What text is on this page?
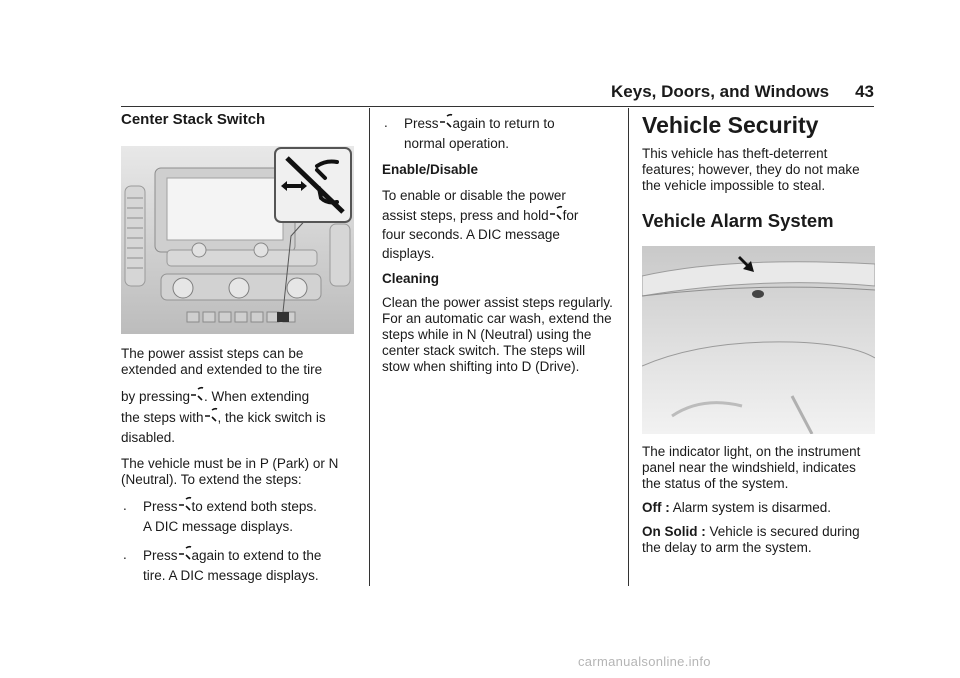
Keys, Doors, and Windows 43

Center Stack Switch

The power assist steps can be extended and extended to the tire

by pressing . When extending
the steps with , the kick switch is
disabled.

The vehicle must be in P (Park) or N (Neutral). To extend the steps:

. Press to extend both steps.
A DIC message displays.
. Press again to extend to the
tire. A DIC message displays.
. Press again to return to
normal operation.

Enable/Disable

To enable or disable the power
assist steps, press and hold for
four seconds. A DIC message displays.

Cleaning

Clean the power assist steps regularly. For an automatic car wash, extend the steps while in N (Neutral) using the center stack switch. The steps will stow when shifting into D (Drive).

Vehicle Security

This vehicle has theft-deterrent features; however, they do not make the vehicle impossible to steal.

Vehicle Alarm System

The indicator light, on the instrument panel near the windshield, indicates the status of the system.

Off : Alarm system is disarmed.

On Solid : Vehicle is secured during the delay to arm the system.

carmanualsonline.info
